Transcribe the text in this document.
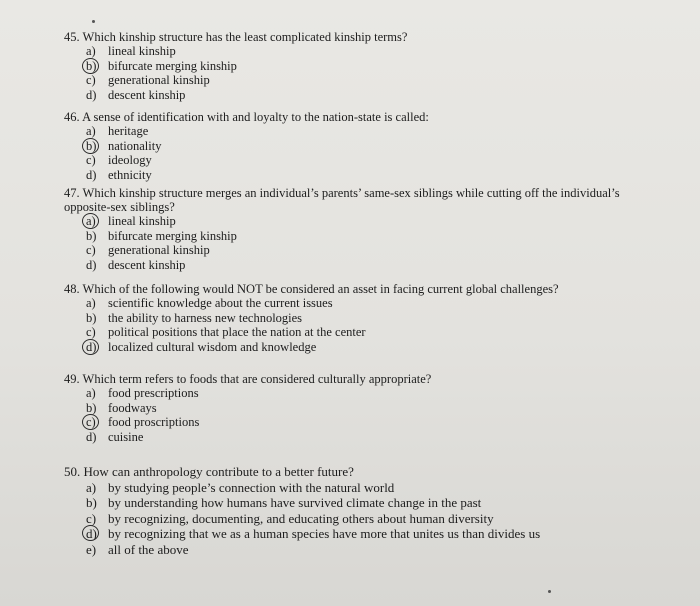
45. Which kinship structure has the least complicated kinship terms?
a) lineal kinship
b) bifurcate merging kinship
c) generational kinship
d) descent kinship
46. A sense of identification with and loyalty to the nation-state is called:
a) heritage
b) nationality
c) ideology
d) ethnicity
47. Which kinship structure merges an individual’s parents’ same-sex siblings while cutting off the individual’s opposite-sex siblings?
a) lineal kinship
b) bifurcate merging kinship
c) generational kinship
d) descent kinship
48. Which of the following would NOT be considered an asset in facing current global challenges?
a) scientific knowledge about the current issues
b) the ability to harness new technologies
c) political positions that place the nation at the center
d) localized cultural wisdom and knowledge
49. Which term refers to foods that are considered culturally appropriate?
a) food prescriptions
b) foodways
c) food proscriptions
d) cuisine
50. How can anthropology contribute to a better future?
a) by studying people’s connection with the natural world
b) by understanding how humans have survived climate change in the past
c) by recognizing, documenting, and educating others about human diversity
d) by recognizing that we as a human species have more that unites us than divides us
e) all of the above
